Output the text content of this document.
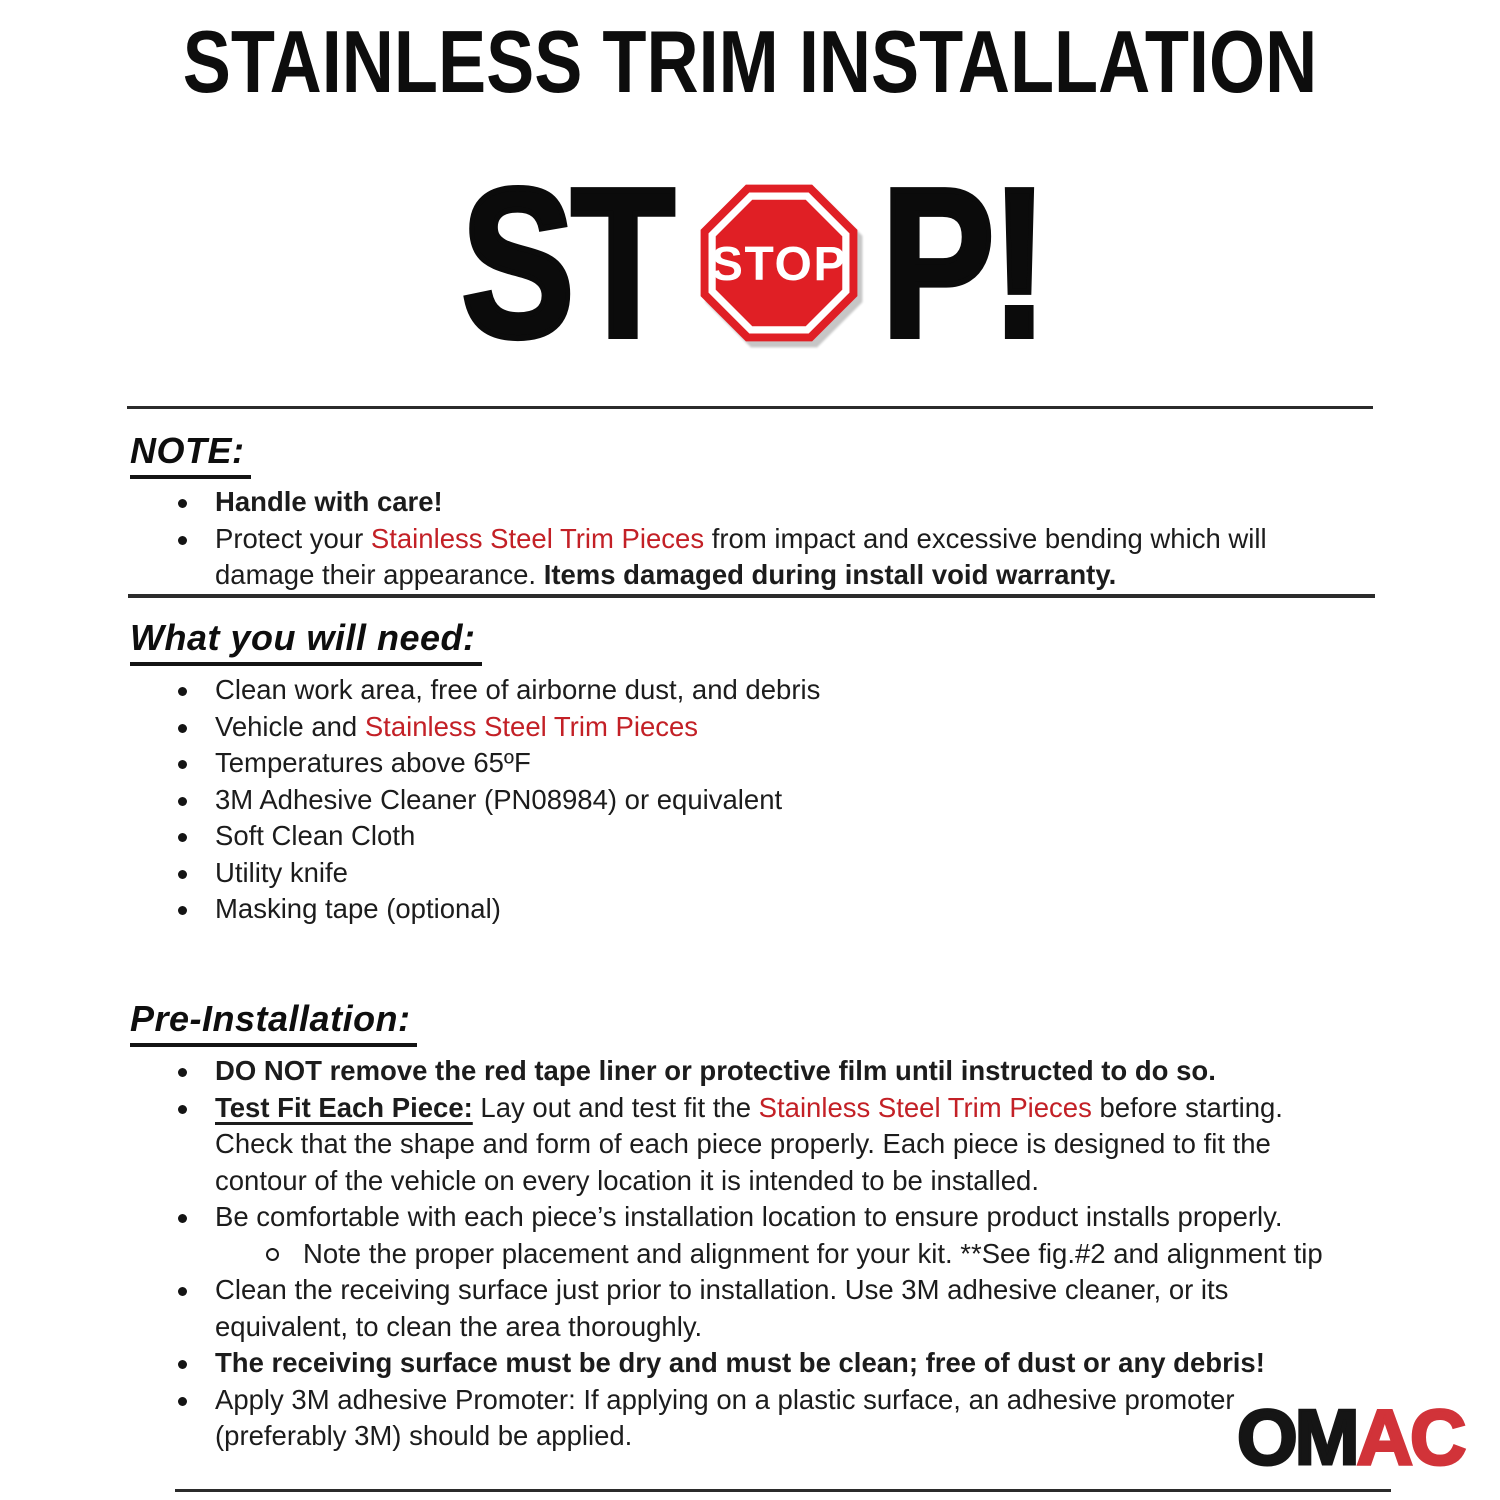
STAINLESS TRIM INSTALLATION
ST STOP P!
NOTE:
Handle with care!
Protect your Stainless Steel Trim Pieces from impact and excessive bending which will damage their appearance. Items damaged during install void warranty.
What you will need:
Clean work area, free of airborne dust, and debris
Vehicle and Stainless Steel Trim Pieces
Temperatures above 65ºF
3M Adhesive Cleaner (PN08984) or equivalent
Soft Clean Cloth
Utility knife
Masking tape (optional)
Pre-Installation:
DO NOT remove the red tape liner or protective film until instructed to do so.
Test Fit Each Piece: Lay out and test fit the Stainless Steel Trim Pieces before starting. Check that the shape and form of each piece properly. Each piece is designed to fit the contour of the vehicle on every location it is intended to be installed.
Be comfortable with each piece’s installation location to ensure product installs properly.
Note the proper placement and alignment for your kit. **See fig.#2 and alignment tip
Clean the receiving surface just prior to installation. Use 3M adhesive cleaner, or its equivalent, to clean the area thoroughly.
The receiving surface must be dry and must be clean; free of dust or any debris!
Apply 3M adhesive Promoter: If applying on a plastic surface, an adhesive promoter (preferably 3M) should be applied.	OM AC
